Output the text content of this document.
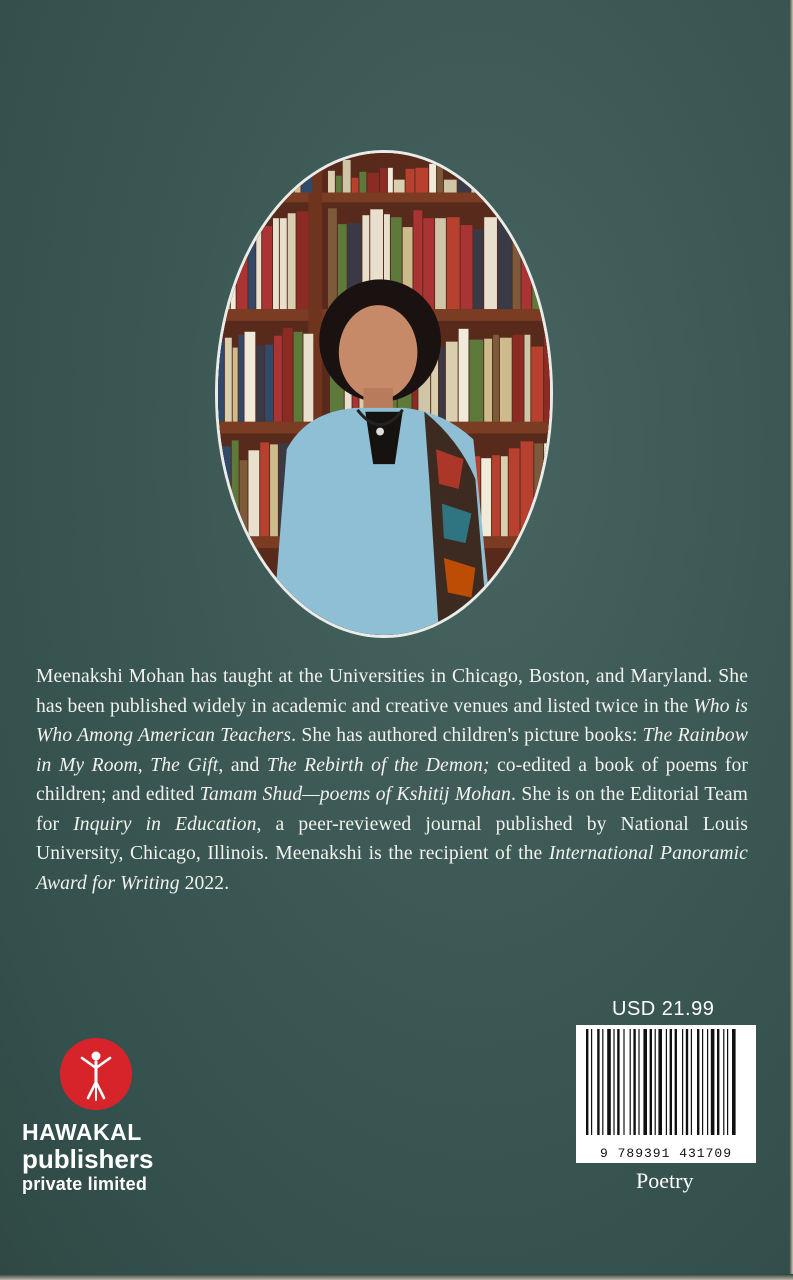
Meenakshi Mohan has taught at the Universities in Chicago, Boston, and Maryland. She has been published widely in academic and creative venues and listed twice in the Who is Who Among American Teachers. She has authored children's picture books: The Rainbow in My Room, The Gift, and The Rebirth of the Demon; co-edited a book of poems for children; and edited Tamam Shud—poems of Kshitij Mohan. She is on the Editorial Team for Inquiry in Education, a peer-reviewed journal published by National Louis University, Chicago, Illinois. Meenakshi is the recipient of the International Panoramic Award for Writing 2022.
HAWAKAL
publishers
private limited
USD 21.99
9 789391 431709
Poetry
